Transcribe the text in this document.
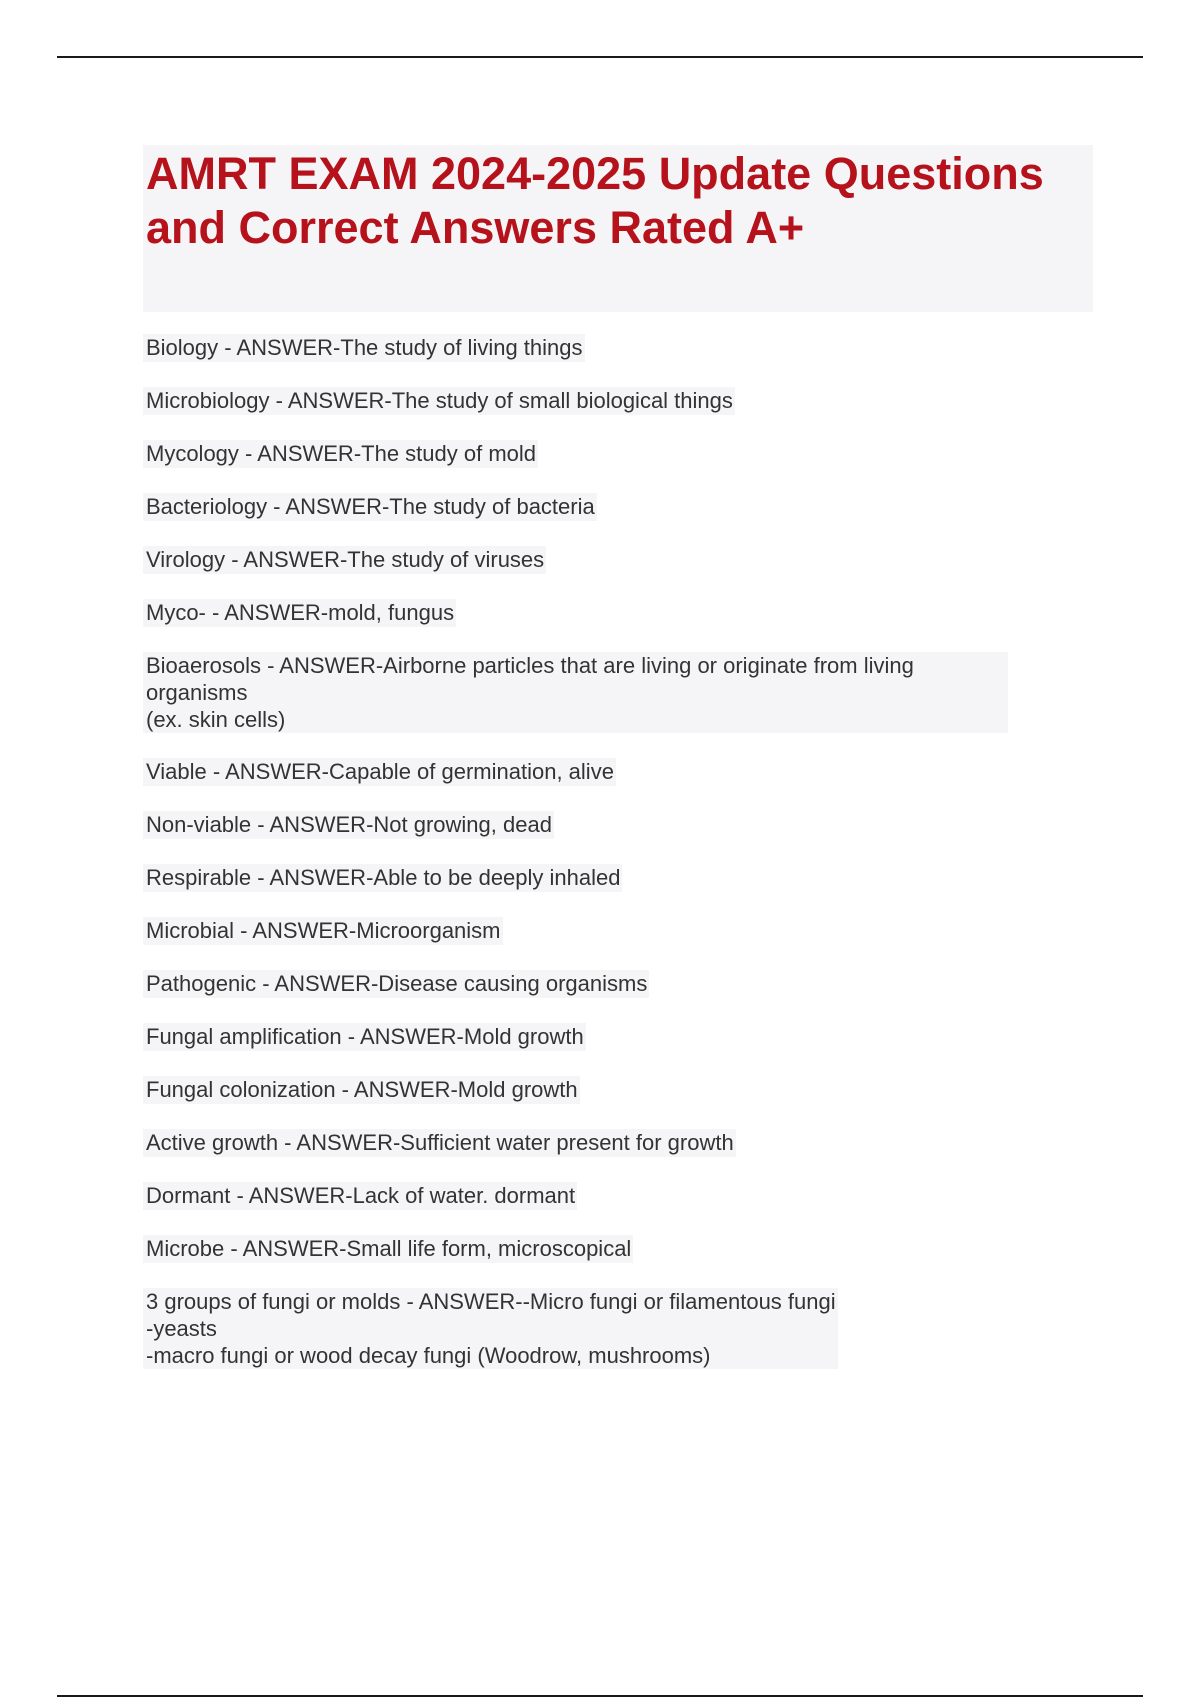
AMRT EXAM 2024-2025 Update Questions and Correct Answers Rated A+
Biology - ANSWER-The study of living things
Microbiology - ANSWER-The study of small biological things
Mycology - ANSWER-The study of mold
Bacteriology - ANSWER-The study of bacteria
Virology - ANSWER-The study of viruses
Myco- - ANSWER-mold, fungus
Bioaerosols - ANSWER-Airborne particles that are living or originate from living organisms
(ex. skin cells)
Viable - ANSWER-Capable of germination, alive
Non-viable - ANSWER-Not growing, dead
Respirable - ANSWER-Able to be deeply inhaled
Microbial - ANSWER-Microorganism
Pathogenic - ANSWER-Disease causing organisms
Fungal amplification - ANSWER-Mold growth
Fungal colonization - ANSWER-Mold growth
Active growth - ANSWER-Sufficient water present for growth
Dormant - ANSWER-Lack of water. dormant
Microbe - ANSWER-Small life form, microscopical
3 groups of fungi or molds - ANSWER--Micro fungi or filamentous fungi
-yeasts
-macro fungi or wood decay fungi (Woodrow, mushrooms)
